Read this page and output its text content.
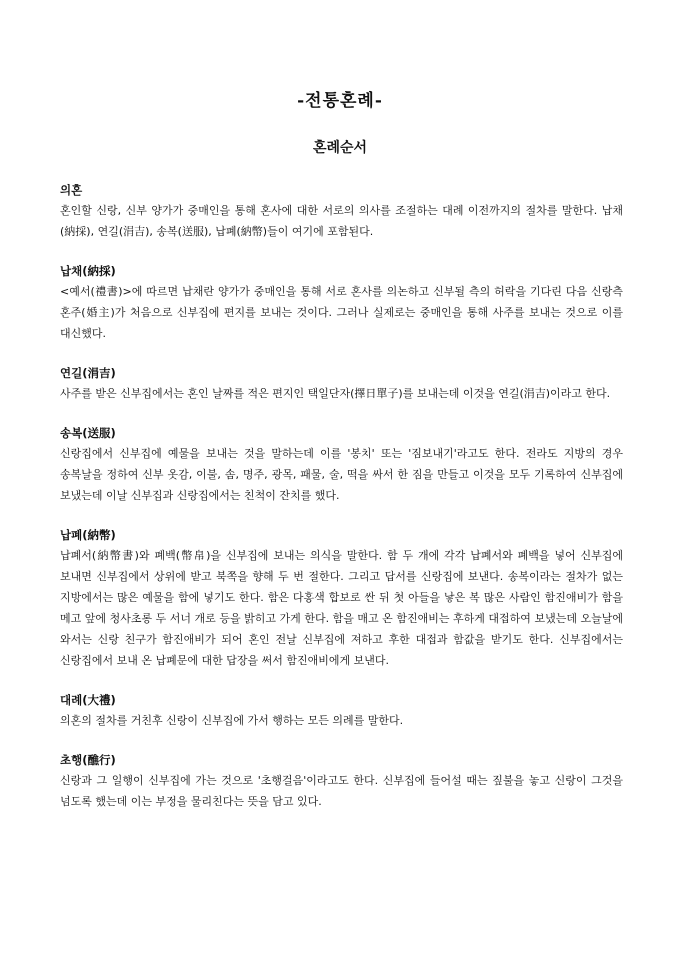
-전통혼례-
혼례순서

의혼

혼인할 신랑, 신부 양가가 중매인을 통해 혼사에 대한 서로의 의사를 조절하는 대례 이전까지의 절차를 말한다. 납채(納採), 연길(涓吉), 송복(送服), 납폐(納幣)들이 여기에 포함된다.

납채(納採)

<예서(禮書)>에 따르면 납채란 양가가 중매인을 통해 서로 혼사를 의논하고 신부될 측의 허락을 기다린 다음 신랑측 혼주(婚主)가 처음으로 신부집에 편지를 보내는 것이다. 그러나 실제로는 중매인을 통해 사주를 보내는 것으로 이를 대신했다.

연길(涓吉)

사주를 받은 신부집에서는 혼인 날짜를 적은 편지인 택일단자(擇日單子)를 보내는데 이것을 연길(涓吉)이라고 한다.

송복(送服)

신랑집에서 신부집에 예물을 보내는 것을 말하는데 이를 '봉치' 또는 '짐보내기'라고도 한다. 전라도 지방의 경우 송복날을 정하여 신부 옷감, 이불, 솜, 명주, 광목, 패물, 술, 떡을 싸서 한 짐을 만들고 이것을 모두 기록하여 신부집에 보냈는데 이날 신부집과 신랑집에서는 친척이 잔치를 했다.

납폐(納幣)

납폐서(納幣書)와 폐백(幣帛)을 신부집에 보내는 의식을 말한다. 함 두 개에 각각 납폐서와 폐백을 넣어 신부집에 보내면 신부집에서 상위에 받고 북쪽을 향해 두 번 절한다. 그리고 답서를 신랑집에 보낸다. 송복이라는 절차가 없는 지방에서는 많은 예물을 함에 넣기도 한다. 함은 다홍색 합보로 싼 뒤 첫 아들을 낳은 복 많은 사람인 함진애비가 함을 메고 앞에 청사초롱 두 서너 개로 등을 밝히고 가게 한다. 함을 매고 온 함진애비는 후하게 대접하여 보냈는데 오늘날에 와서는 신랑 친구가 함진애비가 되어 혼인 전날 신부집에 져하고 후한 대접과 함값을 받기도 한다. 신부집에서는 신랑집에서 보내 온 납폐문에 대한 답장을 써서 함진애비에게 보낸다.

대례(大禮)

의혼의 절차를 거친후 신랑이 신부집에 가서 행하는 모든 의례를 말한다.

초행(醮行)

신랑과 그 일행이 신부집에 가는 것으로 '초행걸음'이라고도 한다. 신부집에 들어설 때는 짚불을 놓고 신랑이 그것을 넘도록 했는데 이는 부정을 물리친다는 뜻을 담고 있다.
